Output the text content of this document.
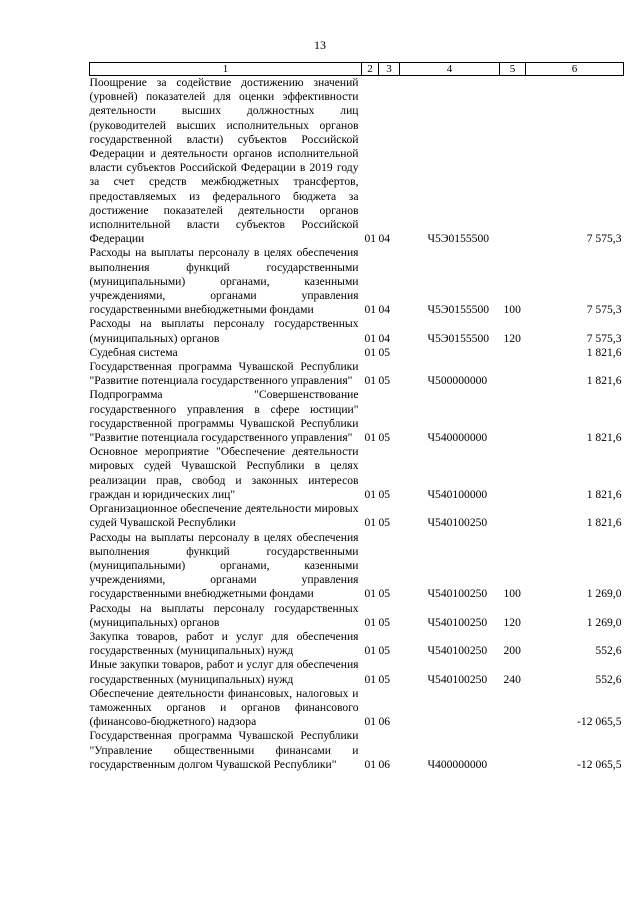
13
1	2	3	4	5	6
Поощрение за содействие достижению значений (уровней) показателей для оценки эффективности деятельности высших должностных лиц (руководителей высших исполнительных органов государственной власти) субъектов Российской Федерации и деятельности органов исполнительной власти субъектов Российской Федерации в 2019 году за счет средств межбюджетных трансфертов, предоставляемых из федерального бюджета за достижение показателей деятельности органов исполнительной власти субъектов Российской Федерации	01	04	Ч5Э0155500		7 575,3
Расходы на выплаты персоналу в целях обеспечения выполнения функций государственными (муниципальными) органами, казенными учреждениями, органами управления государственными внебюджетными фондами	01	04	Ч5Э0155500	100	7 575,3
Расходы на выплаты персоналу государственных (муниципальных) органов	01	04	Ч5Э0155500	120	7 575,3
Судебная система	01	05			1 821,6
Государственная программа Чувашской Республики "Развитие потенциала государственного управления"	01	05	Ч500000000		1 821,6
Подпрограмма "Совершенствование государственного управления в сфере юстиции" государственной программы Чувашской Республики "Развитие потенциала государственного управления"	01	05	Ч540000000		1 821,6
Основное мероприятие "Обеспечение деятельности мировых судей Чувашской Республики в целях реализации прав, свобод и законных интересов граждан и юридических лиц"	01	05	Ч540100000		1 821,6
Организационное обеспечение деятельности мировых судей Чувашской Республики	01	05	Ч540100250		1 821,6
Расходы на выплаты персоналу в целях обеспечения выполнения функций государственными (муниципальными) органами, казенными учреждениями, органами управления государственными внебюджетными фондами	01	05	Ч540100250	100	1 269,0
Расходы на выплаты персоналу государственных (муниципальных) органов	01	05	Ч540100250	120	1 269,0
Закупка товаров, работ и услуг для обеспечения государственных (муниципальных) нужд	01	05	Ч540100250	200	552,6
Иные закупки товаров, работ и услуг для обеспечения государственных (муниципальных) нужд	01	05	Ч540100250	240	552,6
Обеспечение деятельности финансовых, налоговых и таможенных органов и органов финансового (финансово-бюджетного) надзора	01	06			-12 065,5
Государственная программа Чувашской Республики "Управление общественными финансами и государственным долгом Чувашской Республики"	01	06	Ч400000000		-12 065,5
